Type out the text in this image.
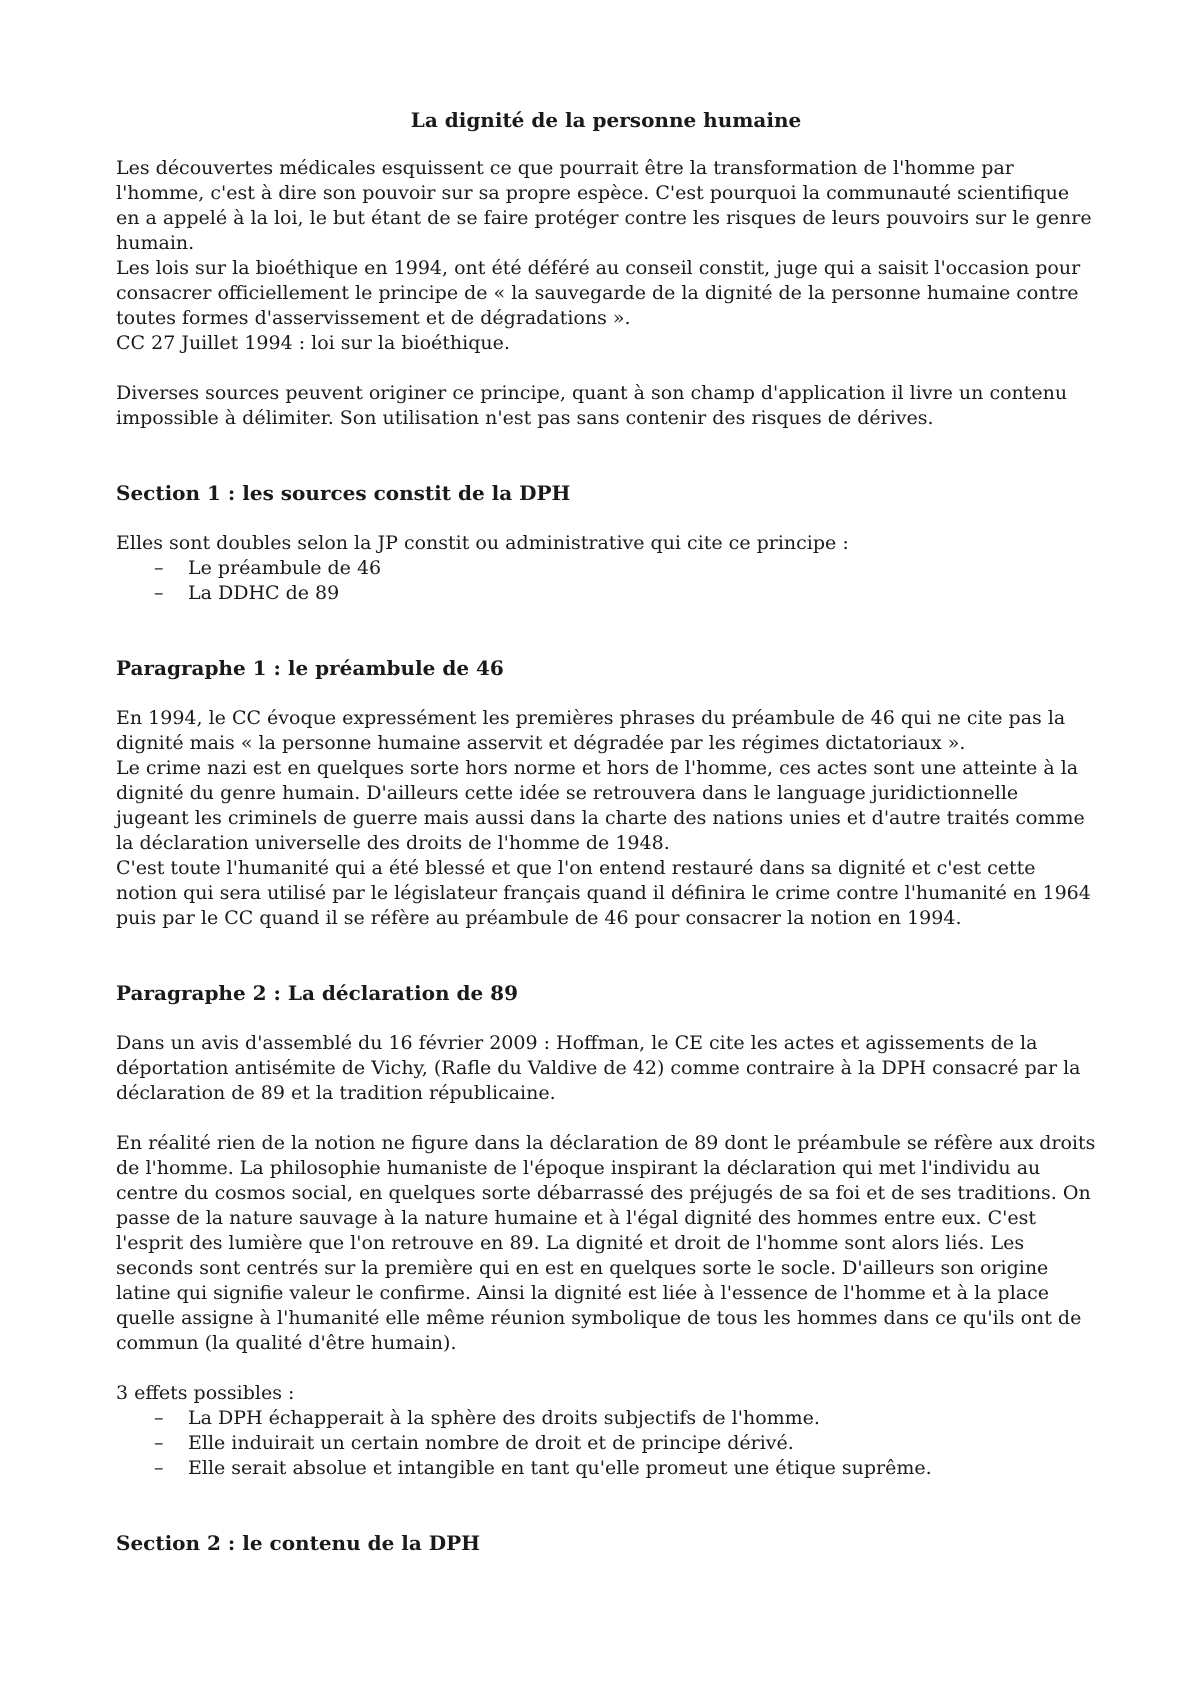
La dignité de la personne humaine

Les découvertes médicales esquissent ce que pourrait être la transformation de l'homme par l'homme, c'est à dire son pouvoir sur sa propre espèce. C'est pourquoi la communauté scientifique en a appelé à la loi, le but étant de se faire protéger contre les risques de leurs pouvoirs sur le genre humain.

Les lois sur la bioéthique en 1994, ont été déféré au conseil constit, juge qui a saisit l'occasion pour consacrer officiellement le principe de « la sauvegarde de la dignité de la personne humaine contre toutes formes d'asservissement et de dégradations ».

CC 27 Juillet 1994 : loi sur la bioéthique.

Diverses sources peuvent originer ce principe, quant à son champ d'application il livre un contenu impossible à délimiter. Son utilisation n'est pas sans contenir des risques de dérives.

Section 1 : les sources constit de la DPH

Elles sont doubles selon la JP constit ou administrative qui cite ce principe :

– Le préambule de 46
– La DDHC de 89
Paragraphe 1 : le préambule de 46

En 1994, le CC évoque expressément les premières phrases du préambule de 46 qui ne cite pas la dignité mais « la personne humaine asservit et dégradée par les régimes dictatoriaux ».

Le crime nazi est en quelques sorte hors norme et hors de l'homme, ces actes sont une atteinte à la dignité du genre humain. D'ailleurs cette idée se retrouvera dans le language juridictionnelle jugeant les criminels de guerre mais aussi dans la charte des nations unies et d'autre traités comme la déclaration universelle des droits de l'homme de 1948.

C'est toute l'humanité qui a été blessé et que l'on entend restauré dans sa dignité et c'est cette notion qui sera utilisé par le législateur français quand il définira le crime contre l'humanité en 1964 puis par le CC quand il se réfère au préambule de 46 pour consacrer la notion en 1994.

Paragraphe 2 : La déclaration de 89

Dans un avis d'assemblé du 16 février 2009 : Hoffman, le CE cite les actes et agissements de la déportation antisémite de Vichy, (Rafle du Valdive de 42) comme contraire à la DPH consacré par la déclaration de 89 et la tradition républicaine.

En réalité rien de la notion ne figure dans la déclaration de 89 dont le préambule se réfère aux droits de l'homme. La philosophie humaniste de l'époque inspirant la déclaration qui met l'individu au centre du cosmos social, en quelques sorte débarrassé des préjugés de sa foi et de ses traditions. On passe de la nature sauvage à la nature humaine et à l'égal dignité des hommes entre eux. C'est l'esprit des lumière que l'on retrouve en 89. La dignité et droit de l'homme sont alors liés. Les seconds sont centrés sur la première qui en est en quelques sorte le socle. D'ailleurs son origine latine qui signifie valeur le confirme. Ainsi la dignité est liée à l'essence de l'homme et à la place quelle assigne à l'humanité elle même réunion symbolique de tous les hommes dans ce qu'ils ont de commun (la qualité d'être humain).

3 effets possibles :

– La DPH échapperait à la sphère des droits subjectifs de l'homme.
– Elle induirait un certain nombre de droit et de principe dérivé.
– Elle serait absolue et intangible en tant qu'elle promeut une étique suprême.
Section 2 : le contenu de la DPH
